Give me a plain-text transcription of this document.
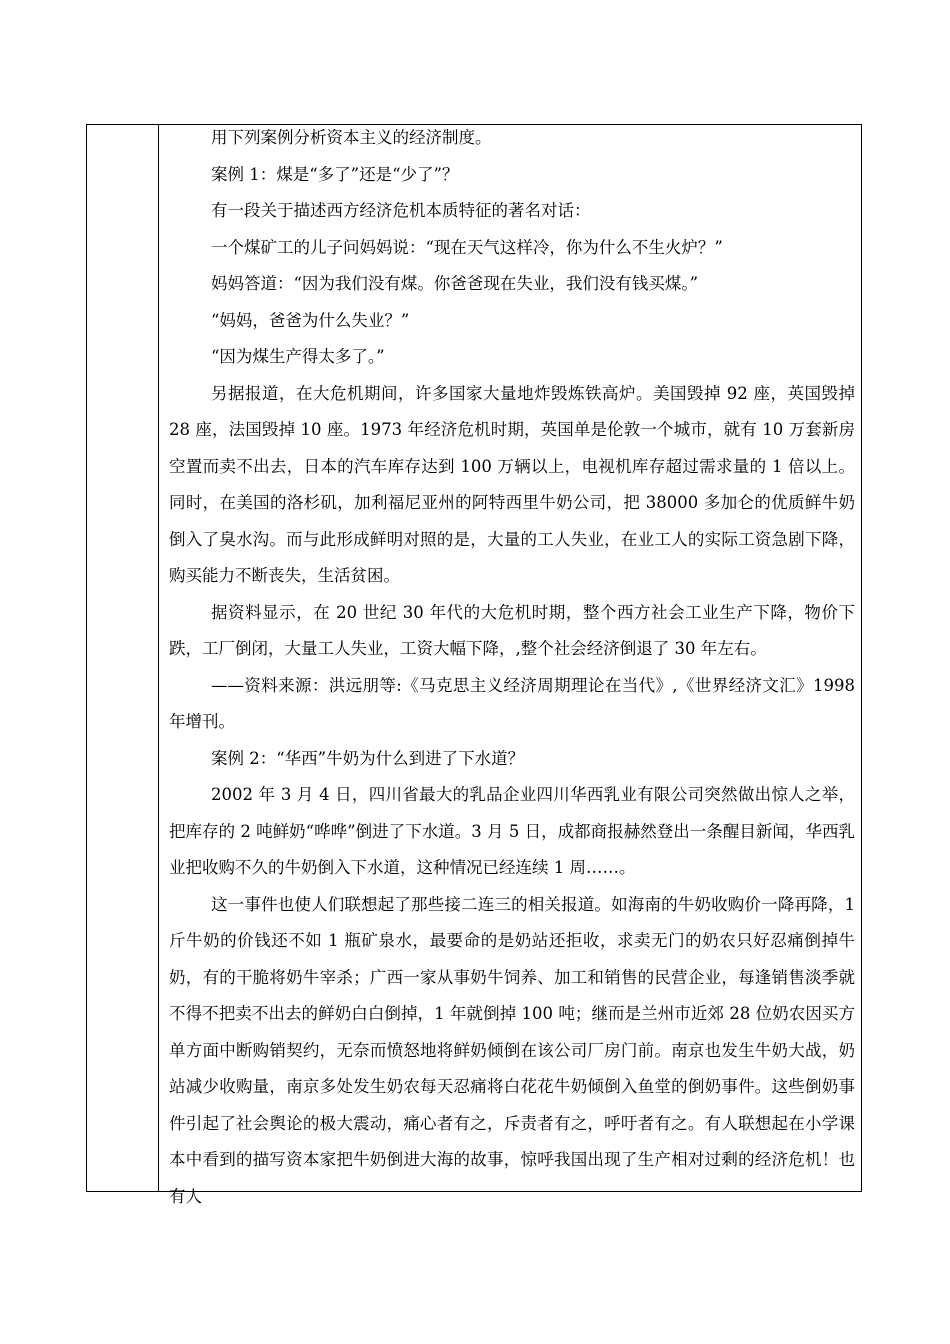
用下列案例分析资本主义的经济制度。

案例 1：煤是“多了”还是“少了”？

有一段关于描述西方经济危机本质特征的著名对话：

一个煤矿工的儿子问妈妈说：“现在天气这样冷，你为什么不生火炉？”

妈妈答道：“因为我们没有煤。你爸爸现在失业，我们没有钱买煤。”

“妈妈，爸爸为什么失业？”

“因为煤生产得太多了。”

另据报道，在大危机期间，许多国家大量地炸毁炼铁高炉。美国毁掉 92 座，英国毁掉 28 座，法国毁掉 10 座。1973 年经济危机时期，英国单是伦敦一个城市，就有 10 万套新房空置而卖不出去，日本的汽车库存达到 100 万辆以上，电视机库存超过需求量的 1 倍以上。同时，在美国的洛杉矶，加利福尼亚州的阿特西里牛奶公司，把 38000 多加仑的优质鲜牛奶倒入了臭水沟。而与此形成鲜明对照的是，大量的工人失业，在业工人的实际工资急剧下降，购买能力不断丧失，生活贫困。

据资料显示，在 20 世纪 30 年代的大危机时期，整个西方社会工业生产下降，物价下跌，工厂倒闭，大量工人失业，工资大幅下降，,整个社会经济倒退了 30 年左右。

——资料来源：洪远朋等:《马克思主义经济周期理论在当代》,《世界经济文汇》1998 年增刊。

案例 2：“华西”牛奶为什么到进了下水道？

2002 年 3 月 4 日，四川省最大的乳品企业四川华西乳业有限公司突然做出惊人之举，把库存的 2 吨鲜奶“哗哗”倒进了下水道。3 月 5 日，成都商报赫然登出一条醒目新闻，华西乳业把收购不久的牛奶倒入下水道，这种情况已经连续 1 周……。

这一事件也使人们联想起了那些接二连三的相关报道。如海南的牛奶收购价一降再降，1 斤牛奶的价钱还不如 1 瓶矿泉水，最要命的是奶站还拒收，求卖无门的奶农只好忍痛倒掉牛奶，有的干脆将奶牛宰杀；广西一家从事奶牛饲养、加工和销售的民营企业，每逢销售淡季就不得不把卖不出去的鲜奶白白倒掉，1 年就倒掉 100 吨；继而是兰州市近郊 28 位奶农因买方单方面中断购销契约，无奈而愤怒地将鲜奶倾倒在该公司厂房门前。南京也发生牛奶大战，奶站减少收购量，南京多处发生奶农每天忍痛将白花花牛奶倾倒入鱼堂的倒奶事件。这些倒奶事件引起了社会舆论的极大震动，痛心者有之，斥责者有之，呼吁者有之。有人联想起在小学课本中看到的描写资本家把牛奶倒进大海的故事，惊呼我国出现了生产相对过剩的经济危机！也有人
